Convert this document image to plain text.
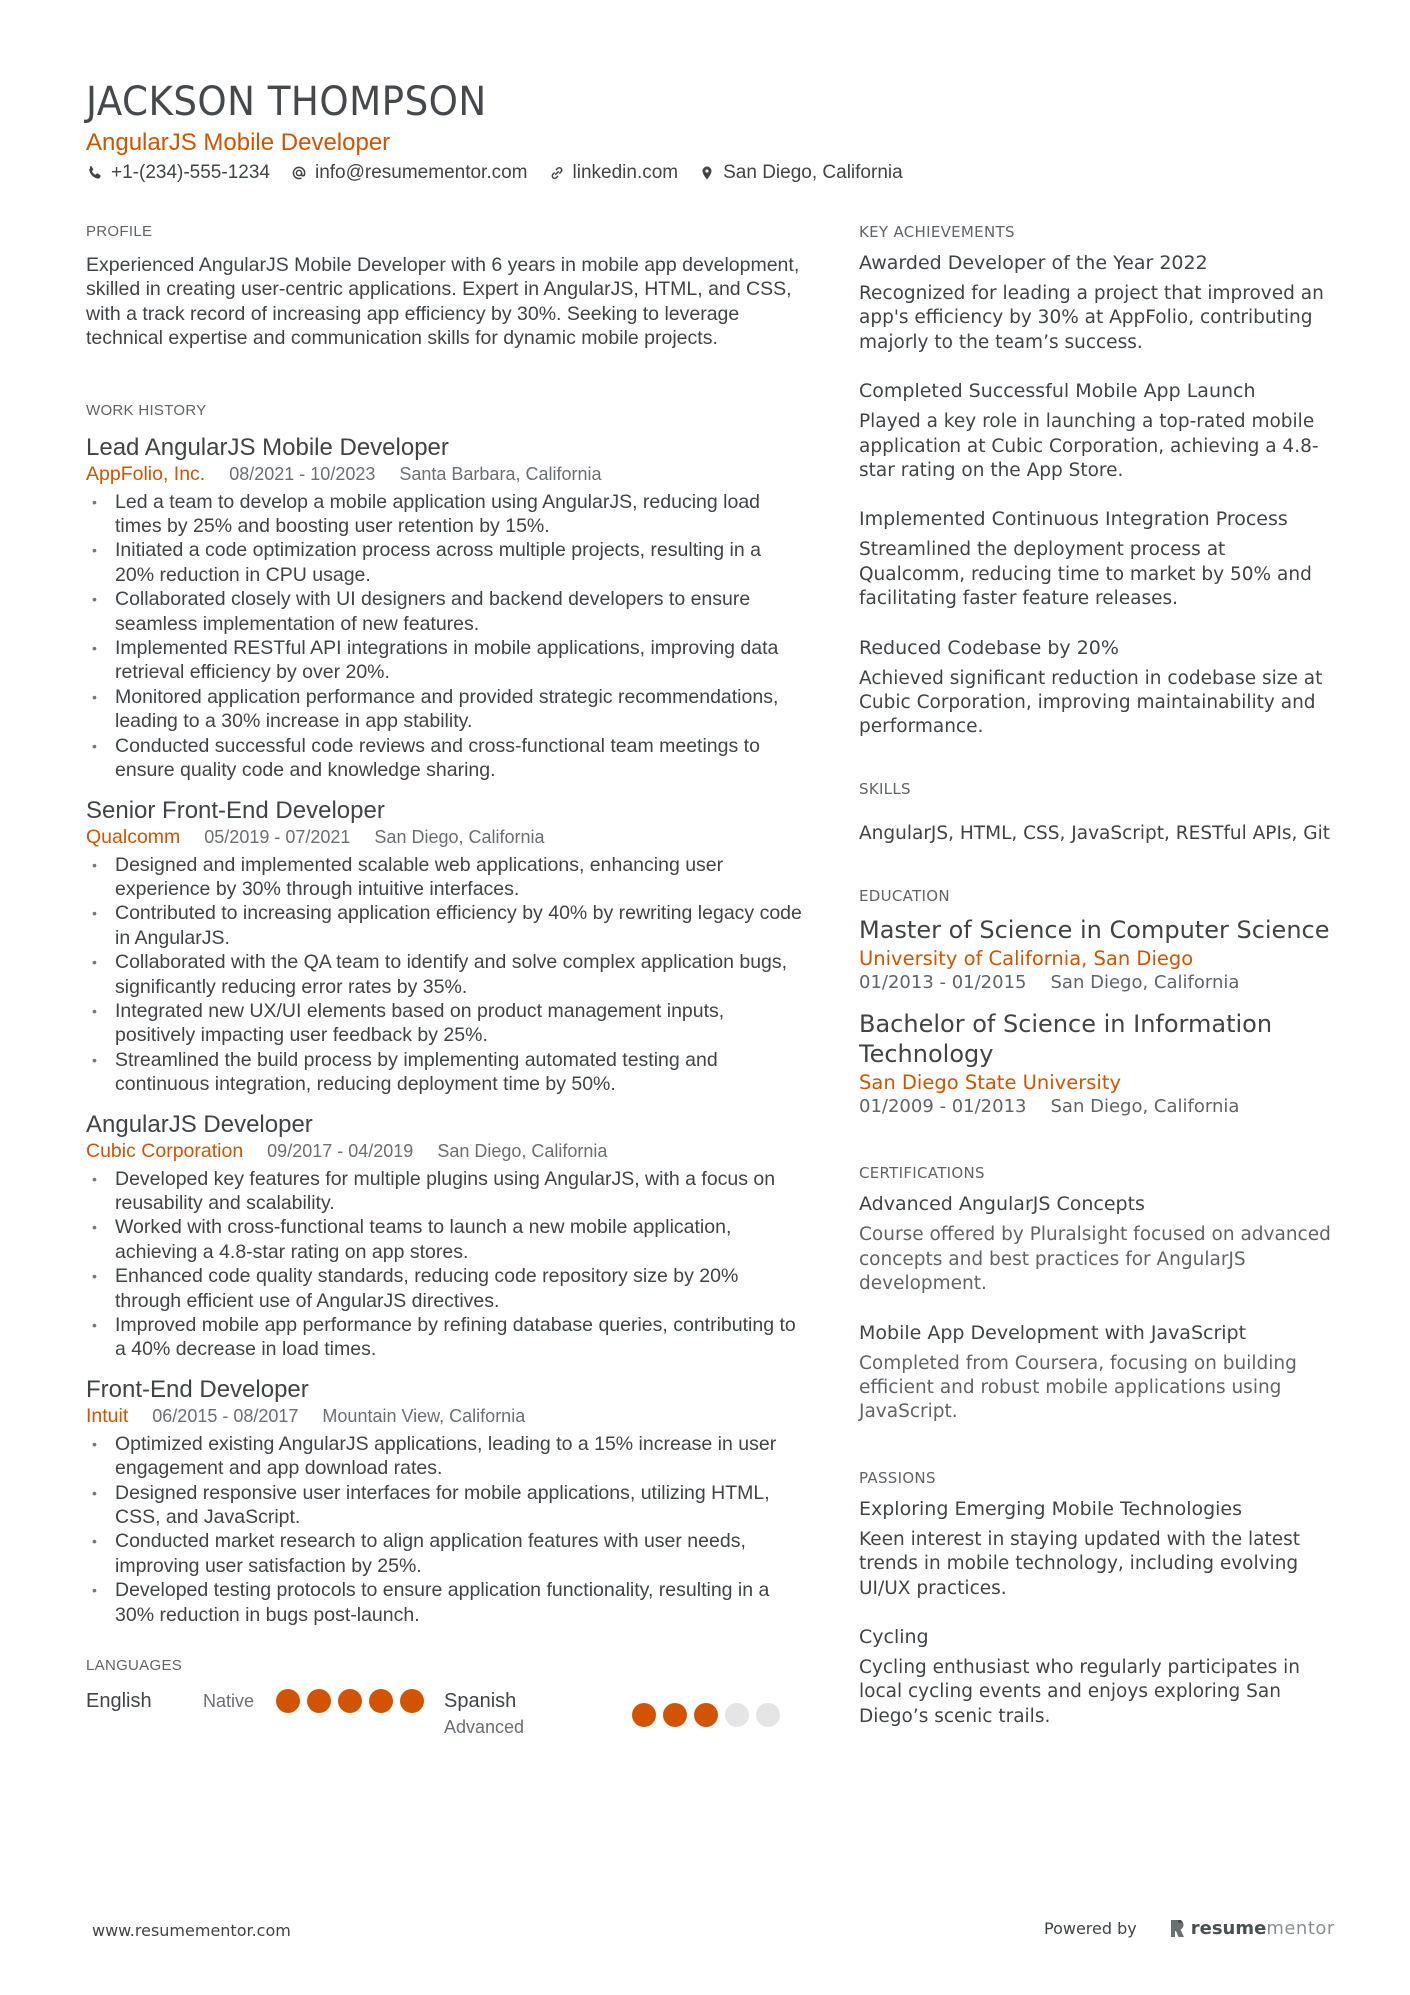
JACKSON THOMPSON
AngularJS Mobile Developer
+1-(234)-555-1234 info@resumementor.com linkedin.com San Diego, California
PROFILE

Experienced AngularJS Mobile Developer with 6 years in mobile app development, skilled in creating user-centric applications. Expert in AngularJS, HTML, and CSS, with a track record of increasing app efficiency by 30%. Seeking to leverage technical expertise and communication skills for dynamic mobile projects.

WORK HISTORY
Lead AngularJS Mobile Developer
AppFolio, Inc. 08/2021 - 10/2023 Santa Barbara, California
• Led a team to develop a mobile application using AngularJS, reducing load times by 25% and boosting user retention by 15%.
• Initiated a code optimization process across multiple projects, resulting in a 20% reduction in CPU usage.
• Collaborated closely with UI designers and backend developers to ensure seamless implementation of new features.
• Implemented RESTful API integrations in mobile applications, improving data retrieval efficiency by over 20%.
• Monitored application performance and provided strategic recommendations, leading to a 30% increase in app stability.
• Conducted successful code reviews and cross-functional team meetings to ensure quality code and knowledge sharing.
Senior Front-End Developer
Qualcomm 05/2019 - 07/2021 San Diego, California
• Designed and implemented scalable web applications, enhancing user experience by 30% through intuitive interfaces.
• Contributed to increasing application efficiency by 40% by rewriting legacy code in AngularJS.
• Collaborated with the QA team to identify and solve complex application bugs, significantly reducing error rates by 35%.
• Integrated new UX/UI elements based on product management inputs, positively impacting user feedback by 25%.
• Streamlined the build process by implementing automated testing and continuous integration, reducing deployment time by 50%.
AngularJS Developer
Cubic Corporation 09/2017 - 04/2019 San Diego, California
• Developed key features for multiple plugins using AngularJS, with a focus on reusability and scalability.
• Worked with cross-functional teams to launch a new mobile application, achieving a 4.8-star rating on app stores.
• Enhanced code quality standards, reducing code repository size by 20% through efficient use of AngularJS directives.
• Improved mobile app performance by refining database queries, contributing to a 40% decrease in load times.
Front-End Developer
Intuit 06/2015 - 08/2017 Mountain View, California
• Optimized existing AngularJS applications, leading to a 15% increase in user engagement and app download rates.
• Designed responsive user interfaces for mobile applications, utilizing HTML, CSS, and JavaScript.
• Conducted market research to align application features with user needs, improving user satisfaction by 25%.
• Developed testing protocols to ensure application functionality, resulting in a 30% reduction in bugs post-launch.
LANGUAGES
English	Native	Spanish
Advanced
KEY ACHIEVEMENTS
Awarded Developer of the Year 2022
Recognized for leading a project that improved an app's efficiency by 30% at AppFolio, contributing majorly to the team’s success.
Completed Successful Mobile App Launch
Played a key role in launching a top-rated mobile application at Cubic Corporation, achieving a 4.8-star rating on the App Store.
Implemented Continuous Integration Process
Streamlined the deployment process at Qualcomm, reducing time to market by 50% and facilitating faster feature releases.
Reduced Codebase by 20%
Achieved significant reduction in codebase size at Cubic Corporation, improving maintainability and performance.
SKILLS

AngularJS, HTML, CSS, JavaScript, RESTful APIs, Git

EDUCATION
Master of Science in Computer Science
University of California, San Diego
01/2013 - 01/2015 San Diego, California
Bachelor of Science in Information Technology
San Diego State University
01/2009 - 01/2013 San Diego, California
CERTIFICATIONS
Advanced AngularJS Concepts
Course offered by Pluralsight focused on advanced concepts and best practices for AngularJS development.
Mobile App Development with JavaScript
Completed from Coursera, focusing on building efficient and robust mobile applications using JavaScript.
PASSIONS
Exploring Emerging Mobile Technologies
Keen interest in staying updated with the latest trends in mobile technology, including evolving UI/UX practices.
Cycling
Cycling enthusiast who regularly participates in local cycling events and enjoys exploring San Diego’s scenic trails.
www.resumementor.com	Powered by	resume mentor
